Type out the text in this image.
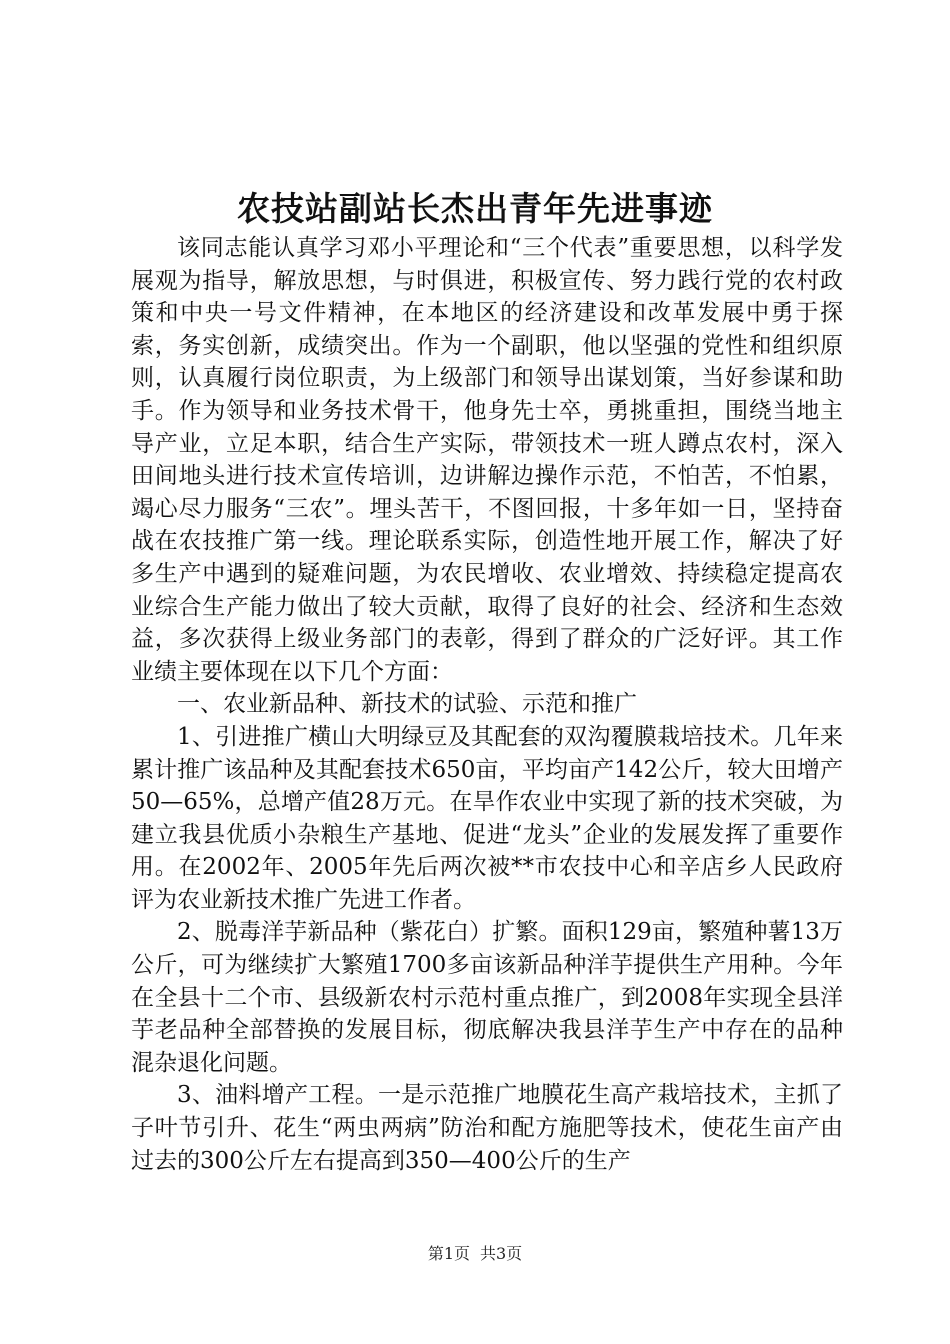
农技站副站长杰出青年先进事迹

该同志能认真学习邓小平理论和“三个代表”重要思想，以科学发展观为指导，解放思想，与时俱进，积极宣传、努力践行党的农村政策和中央一号文件精神，在本地区的经济建设和改革发展中勇于探索，务实创新，成绩突出。作为一个副职，他以坚强的党性和组织原则，认真履行岗位职责，为上级部门和领导出谋划策，当好参谋和助手。作为领导和业务技术骨干，他身先士卒，勇挑重担，围绕当地主导产业，立足本职，结合生产实际，带领技术一班人蹲点农村，深入田间地头进行技术宣传培训，边讲解边操作示范，不怕苦，不怕累，竭心尽力服务“三农”。埋头苦干，不图回报，十多年如一日，坚持奋战在农技推广第一线。理论联系实际，创造性地开展工作，解决了好多生产中遇到的疑难问题，为农民增收、农业增效、持续稳定提高农业综合生产能力做出了较大贡献，取得了良好的社会、经济和生态效益，多次获得上级业务部门的表彰，得到了群众的广泛好评。其工作业绩主要体现在以下几个方面：

一、农业新品种、新技术的试验、示范和推广

1、引进推广横山大明绿豆及其配套的双沟覆膜栽培技术。几年来累计推广该品种及其配套技术650亩，平均亩产142公斤，较大田增产50—65%，总增产值28万元。在旱作农业中实现了新的技术突破，为建立我县优质小杂粮生产基地、促进“龙头”企业的发展发挥了重要作用。在2002年、2005年先后两次被**市农技中心和辛店乡人民政府评为农业新技术推广先进工作者。

2、脱毒洋芋新品种（紫花白）扩繁。面积129亩，繁殖种薯13万公斤，可为继续扩大繁殖1700多亩该新品种洋芋提供生产用种。今年在全县十二个市、县级新农村示范村重点推广，到2008年实现全县洋芋老品种全部替换的发展目标，彻底解决我县洋芋生产中存在的品种混杂退化问题。

3、油料增产工程。一是示范推广地膜花生高产栽培技术，主抓了子叶节引升、花生“两虫两病”防治和配方施肥等技术，使花生亩产由过去的300公斤左右提高到350—400公斤的生产

第1页 共3页
